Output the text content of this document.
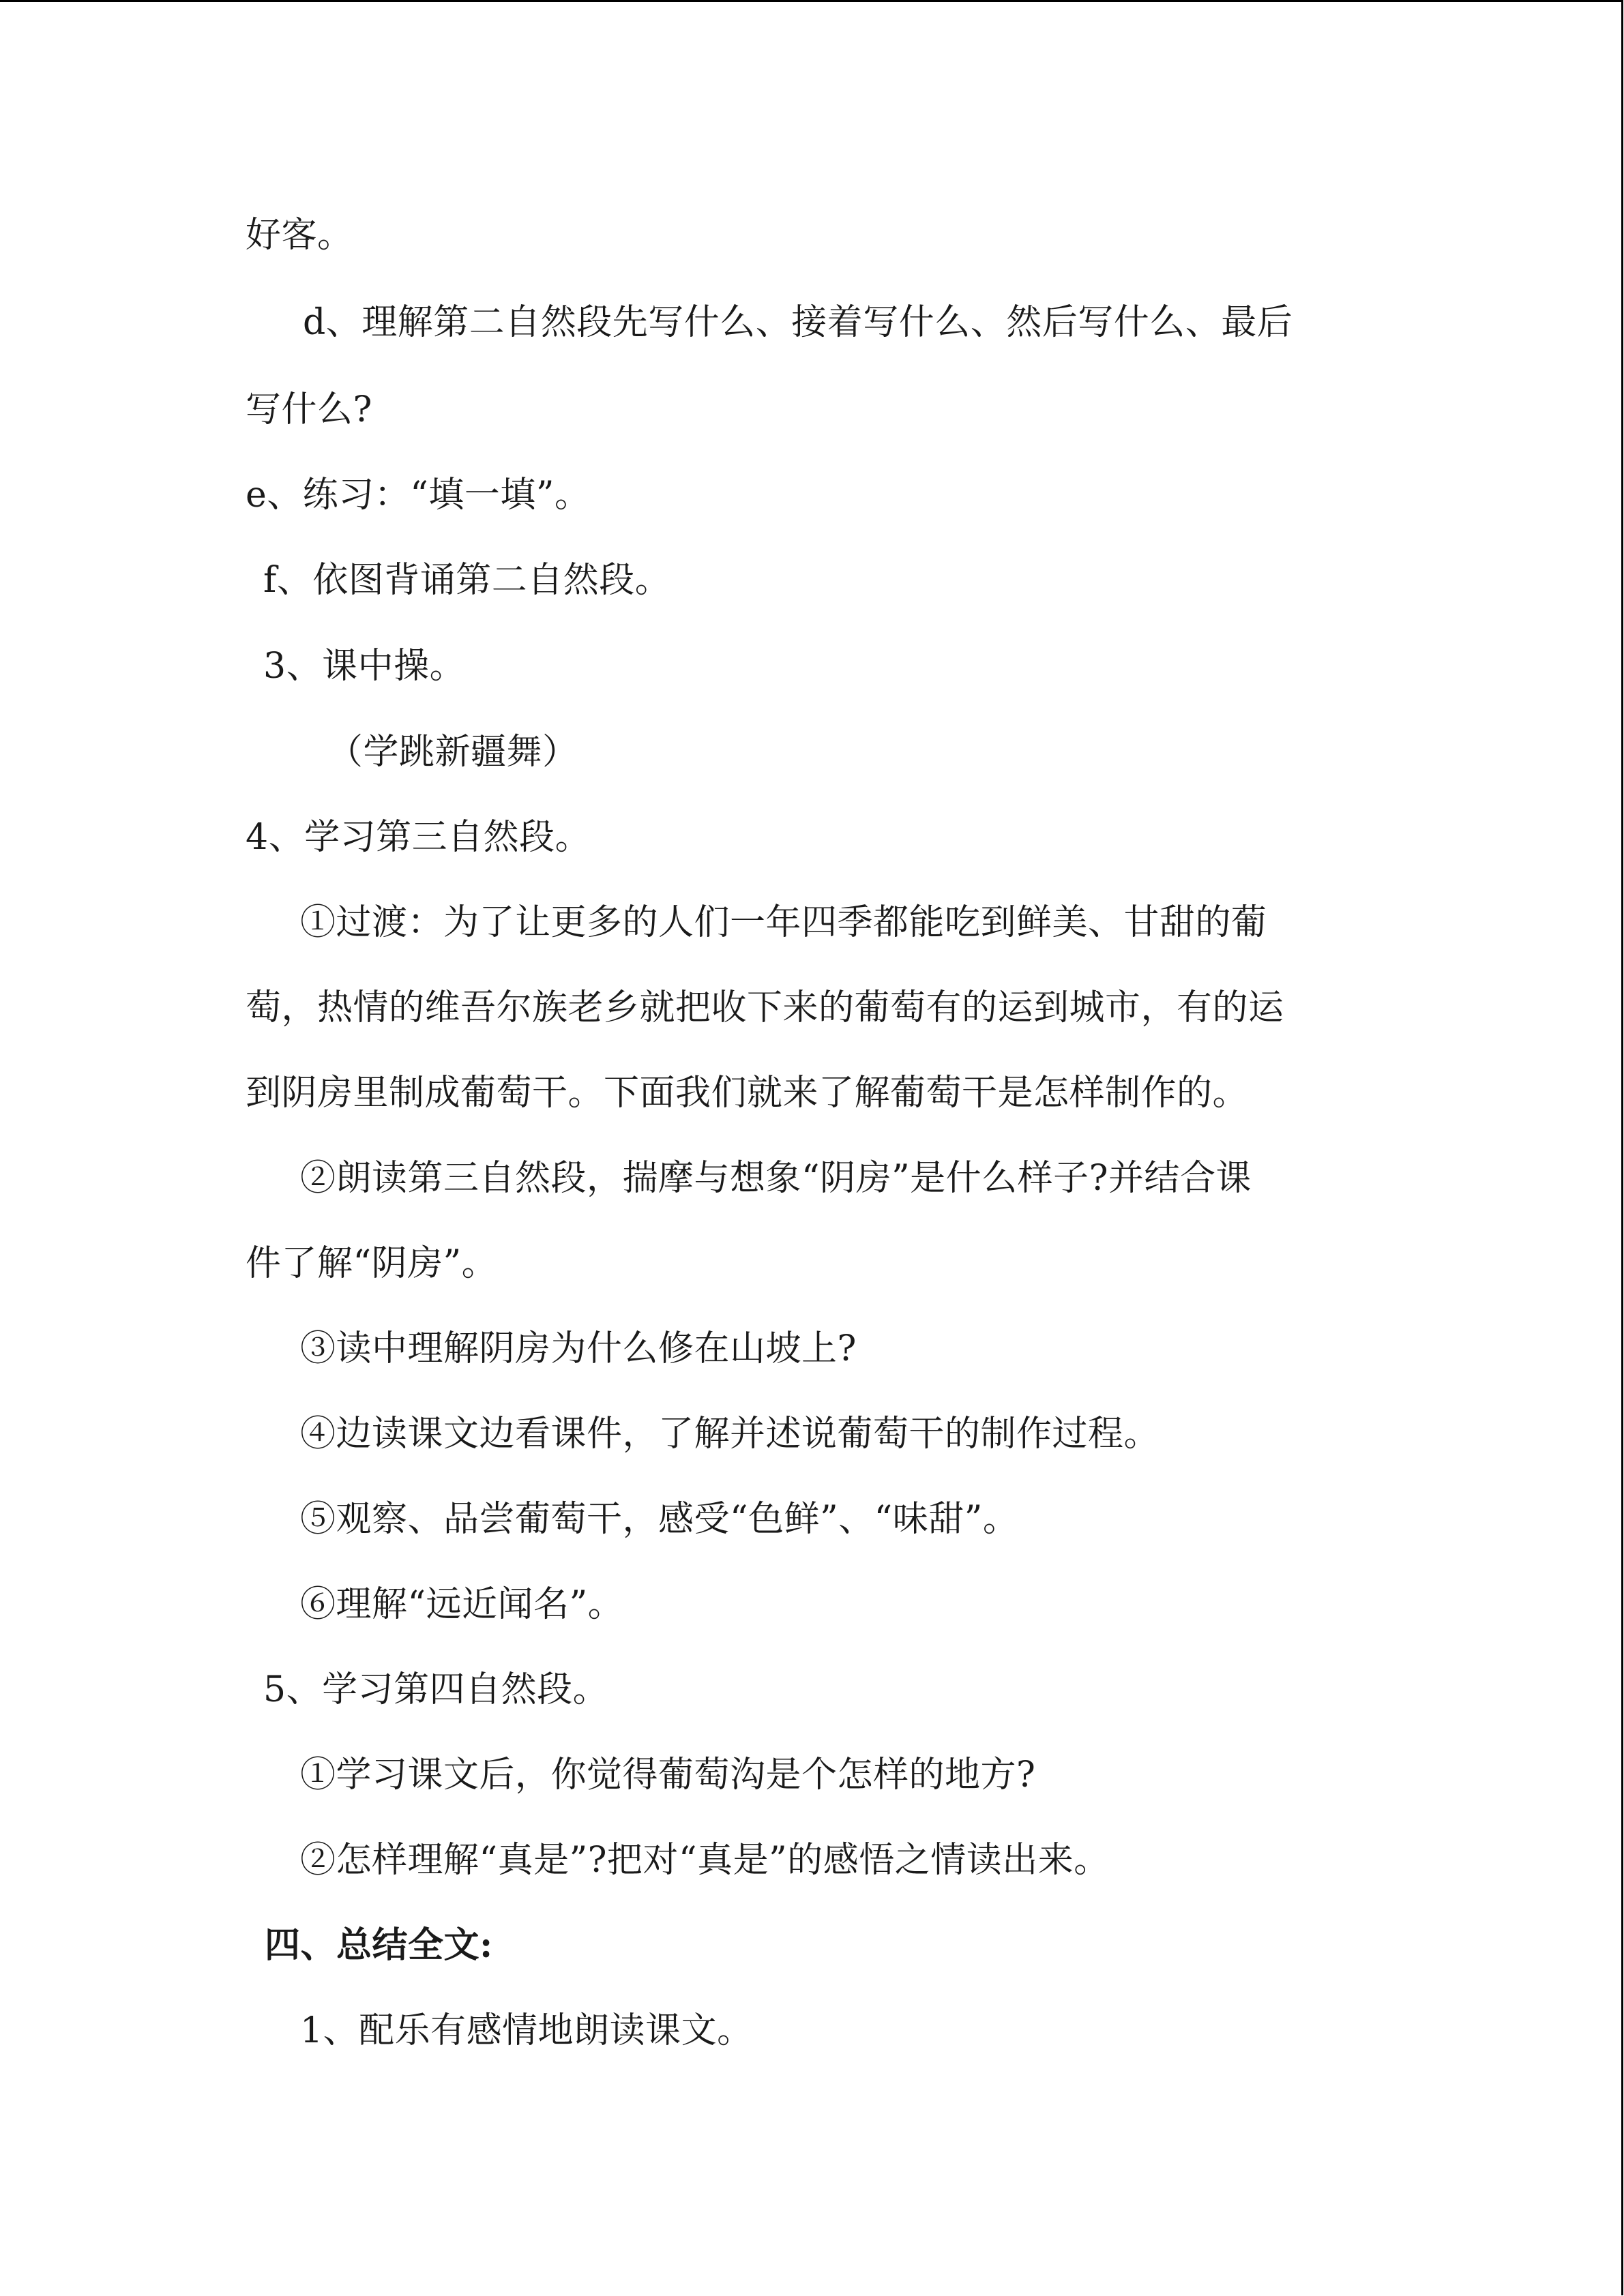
好客。
d、理解第二自然段先写什么、接着写什么、然后写什么、最后
写什么?
e、练习：“填一填”。
f、依图背诵第二自然段。
3、课中操。
（学跳新疆舞）
4、学习第三自然段。
①过渡：为了让更多的人们一年四季都能吃到鲜美、甘甜的葡
萄，热情的维吾尔族老乡就把收下来的葡萄有的运到城市，有的运
到阴房里制成葡萄干。下面我们就来了解葡萄干是怎样制作的。
②朗读第三自然段，揣摩与想象“阴房”是什么样子?并结合课
件了解“阴房”。
③读中理解阴房为什么修在山坡上?
④边读课文边看课件，了解并述说葡萄干的制作过程。
⑤观察、品尝葡萄干，感受“色鲜”、“味甜”。
⑥理解“远近闻名”。
5、学习第四自然段。
①学习课文后，你觉得葡萄沟是个怎样的地方?
②怎样理解“真是”?把对“真是”的感悟之情读出来。
四、总结全文:
1、配乐有感情地朗读课文。
